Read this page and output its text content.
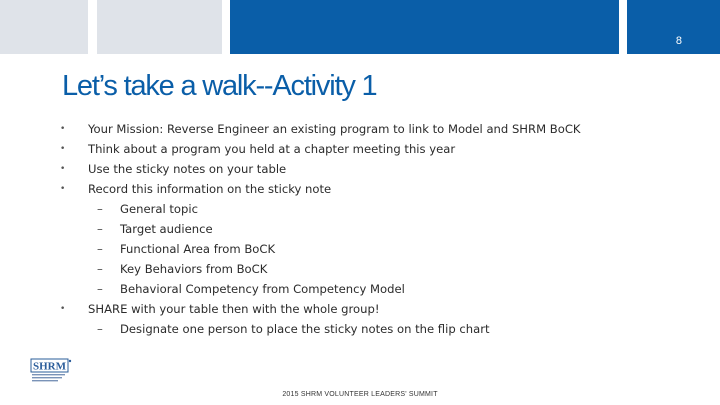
8
Let’s take a walk--Activity 1
•	Your Mission: Reverse Engineer an existing program to link to Model and SHRM BoCK
•	Think about a program you held at a chapter meeting this year
•	Use the sticky notes on your table
•	Record this information on the sticky note
– General topic
– Target audience
– Functional Area from BoCK
– Key Behaviors from BoCK
– Behavioral Competency from Competency Model
•	SHARE with your table then with the whole group!
– Designate one person to place the sticky notes on the flip chart
SHRM
2015 SHRM VOLUNTEER LEADERS' SUMMIT
